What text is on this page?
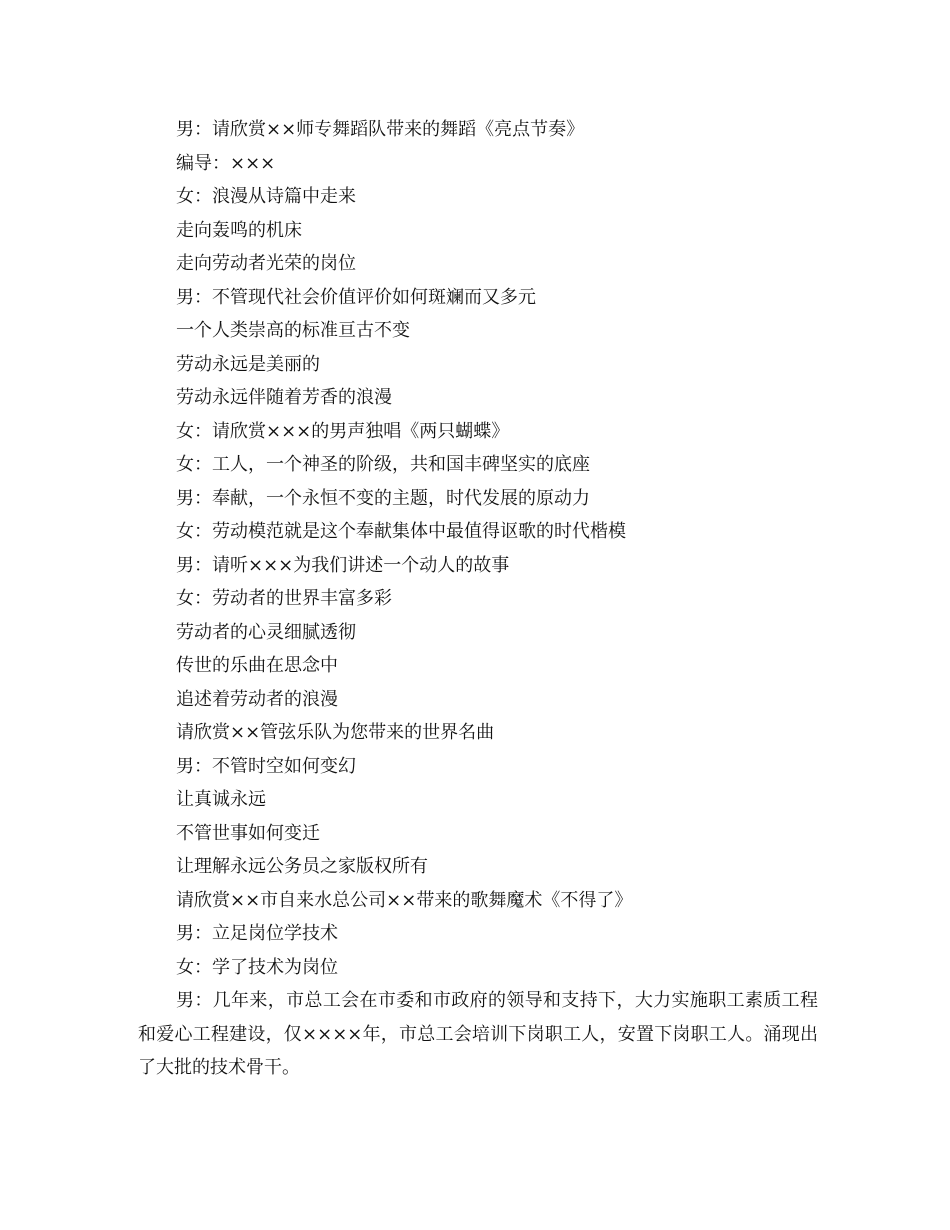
男：请欣赏××师专舞蹈队带来的舞蹈《亮点节奏》
编导：×××
女：浪漫从诗篇中走来
走向轰鸣的机床
走向劳动者光荣的岗位
男：不管现代社会价值评价如何斑斓而又多元
一个人类崇高的标准亘古不变
劳动永远是美丽的
劳动永远伴随着芳香的浪漫
女：请欣赏×××的男声独唱《两只蝴蝶》
女：工人，一个神圣的阶级，共和国丰碑坚实的底座
男：奉献，一个永恒不变的主题，时代发展的原动力
女：劳动模范就是这个奉献集体中最值得讴歌的时代楷模
男：请听×××为我们讲述一个动人的故事
女：劳动者的世界丰富多彩
劳动者的心灵细腻透彻
传世的乐曲在思念中
追述着劳动者的浪漫
请欣赏××管弦乐队为您带来的世界名曲
男：不管时空如何变幻
让真诚永远
不管世事如何变迁
让理解永远公务员之家版权所有
请欣赏××市自来水总公司××带来的歌舞魔术《不得了》
男：立足岗位学技术
女：学了技术为岗位

男：几年来，市总工会在市委和市政府的领导和支持下，大力实施职工素质工程和爱心工程建设，仅××××年，市总工会培训下岗职工人，安置下岗职工人。涌现出了大批的技术骨干。
